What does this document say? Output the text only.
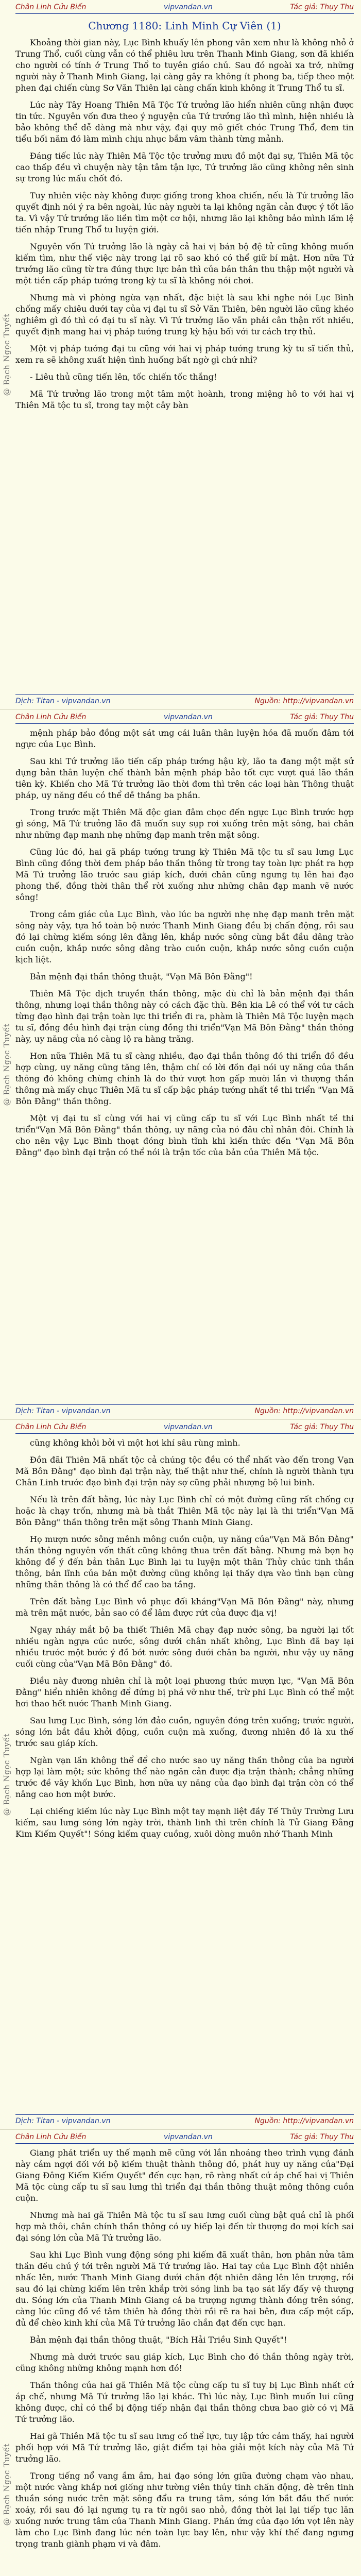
@ Bạch Ngọc Tuyết
Chân Linh Cửu Biến	vipvandan.vn	Tác giả: Thụy Thu
Chương 1180: Linh Minh Cự Viên (1)

Khoảng thời gian này, Lục Bình khuấy lên phong vân xem như là không nhỏ ở Trung Thổ, cuối cùng vẫn có thể phiêu lưu trên Thanh Minh Giang, sơn đã khiến cho người có tính ở Trung Thổ to tuyên giáo chủ. Sau đó ngoài xa trở, những người này ở Thanh Minh Giang, lại càng gây ra không ít phong ba, tiếp theo một phen đại chiến cùng Sơ Văn Thiên lại càng chấn kinh không ít Trung Thổ tu sĩ.

Lúc này Tây Hoang Thiên Mã Tộc Tứ trưởng lão hiển nhiên cũng nhận được tin tức. Nguyên vốn đưa theo ý nguyện của Tứ trưởng lão thì mình, hiện nhiều là bảo không thể dễ dàng mà như vậy, đại quy mô giết chóc Trung Thổ, đem tin tiểu bối năm đó làm mình chịu nhục bắm vâm thành từng mảnh.

Đáng tiếc lúc này Thiên Mã Tộc tộc trưởng mưu đồ một đại sự, Thiên Mã tộc cao thấp đều vì chuyện này tận tâm tận lực, Tứ trưởng lão cũng không nên sinh sự trong lúc mấu chốt đó.

Tuy nhiên việc này không được giống trong khoa chiến, nếu là Tứ trưởng lão quyết định nói ý ra bên ngoài, lúc này người ta lại không ngăn cản được ý tốt lão ta. Vì vậy Tứ trưởng lão liền tìm một cơ hội, nhưng lão lại không bảo mình lầm lệ tiến nhập Trung Thổ tu luyện giới.

Nguyên vốn Tứ trưởng lão là ngày cả hai vị bán bộ đệ tử cũng không muốn kiếm tìm, như thế việc này trong lại rõ sao khó có thể giữ bí mật. Hơn nữa Tứ trưởng lão cũng từ tra đúng thực lực bản thì của bản thân thu thập một người và một tiền cấp pháp tướng trong kỳ tu sĩ là không nói chơi.

Nhưng mà vì phòng ngừa vạn nhất, đặc biệt là sau khi nghe nói Lục Bình chống mấy chiêu dưới tay của vị đại tu sĩ Sở Văn Thiên, bên người lão cũng khéo nghiêm gì đó thì có đại tu sĩ này. Vì Tứ trưởng lão vẫn phải cân thận rốt nhiều, quyết định mang hai vị pháp tướng trung kỳ hậu bối với tư cách trợ thủ.

Một vị pháp tướng đại tu cũng với hai vị pháp tướng trung kỳ tu sĩ tiến thủ, xem ra sẽ không xuất hiện tình huống bất ngờ gì chứ nhỉ?

- Liêu thủ cũng tiến lên, tốc chiến tốc thắng!

Mã Tứ trưởng lão trong một tâm một hoành, trong miệng hô to với hai vị Thiên Mã tộc tu sĩ, trong tay một cây bàn

Dịch: Titan - vipvandan.vn	Nguồn: http://vipvandan.vn
@ Bạch Ngọc Tuyết
Chân Linh Cửu Biến	vipvandan.vn	Tác giả: Thụy Thu

mệnh pháp bảo đồng một sát ưng cái luân thân luyện hóa đã muốn đâm tới ngực của Lục Bình.

Sau khi Tứ trưởng lão tiến cấp pháp tướng hậu kỳ, lão ta đang một mặt sử dụng bản thân luyện chế thành bản mệnh pháp bảo tốt cực vượt quá lão thần tiên kỳ. Khiến cho Mã Tứ trưởng lão thời đơm thì trên các loại hàn Thông thuật pháp, uy năng đều có thể dễ thắng ba phần.

Trong trước mặt Thiên Mã độc gian đâm chọc đến ngực Lục Bình trước hợp gì sóng, Mã Tứ trưởng lão đã muốn suy sụp rơi xuống trên mặt sông, hai chân như những đạp manh nhẹ những đạp manh trên mặt sông.

Cũng lúc đó, hai gã pháp tướng trung kỳ Thiên Mã tộc tu sĩ sau lưng Lục Bình cũng đồng thời đem pháp bảo thần thông từ trong tay toàn lực phát ra hợp Mã Tứ trưởng lão trước sau giáp kích, dưới chân cũng ngưng tụ lên hai đạo phong thế, đồng thời thân thể rời xuống như những chân đạp manh vẽ nước sông!

Trong cảm giác của Lục Bình, vào lúc ba người nhẹ nhẹ đạp manh trên mặt sông này vậy, tựa hồ toàn bộ nước Thanh Minh Giang đều bị chấn động, rồi sau đó lại chừng kiếm sóng lên đằng lên, khắp nước sông cùng bắt đầu dâng trào cuồn cuộn, khắp nước sông dâng trào cuồn cuộn, khắp nước sông cuồn cuộn kịch liệt.

Bản mệnh đại thần thông thuật, "Vạn Mã Bôn Đằng"!

Thiên Mã Tộc dịch truyền thần thông, mặc dù chỉ là bản mệnh đại thần thông, nhưng loại thần thông này có cách đặc thù. Bên kia Lê có thể với tư cách từng đạo hình đại trận toàn lực thi triển đi ra, phàm là Thiên Mã Tộc luyện mạch tu sĩ, đồng đều hình đại trận cùng đồng thi triển"Vạn Mã Bôn Đằng" thần thông này, uy năng của nó càng lộ ra hàng trăng.

Hơn nữa Thiên Mã tu sĩ càng nhiều, đạo đại thần thông đó thi triển đồ đều hợp cùng, uy năng cũng tăng lên, thậm chí có lời đồn đại nói uy năng của thần thông đó không chừng chính là do thứ vượt hơn gấp mười lần vì thượng thần thông mà mấy chục Thiên Mã tu sĩ cấp bậc pháp tướng nhất tề thi triển "Vạn Mã Bôn Đằng" thần thông.

Một vị đại tu sĩ cùng với hai vị cũng cấp tu sĩ với Lục Bình nhất tề thi triển"Vạn Mã Bôn Đằng" thần thông, uy năng của nó đâu chỉ nhân đôi. Chính là cho nên vậy Lục Bình thoạt đóng bình tĩnh khi kiến thức đến "Vạn Mã Bôn Đằng" đạo bình đại trận có thể nói là trận tốc của bản của Thiên Mã tộc.

Dịch: Titan - vipvandan.vn	Nguồn: http://vipvandan.vn
@ Bạch Ngọc Tuyết
Chân Linh Cửu Biến	vipvandan.vn	Tác giả: Thụy Thu

cũng không khỏi bởi vì một hơi khí sâu rùng mình.

Đồn đãi Thiên Mã nhất tộc cả chúng tộc đều có thể nhất vào đến trong Vạn Mã Bôn Đằng" đạo bình đại trận này, thế thật như thế, chính là người thành tựu Chân Linh trước đạo bình đại trận này sợ cũng phải nhượng bộ lui binh.

Nếu là trên đất bằng, lúc này Lục Bình chỉ có một đường cũng rất chống cự hoặc là chạy trốn, nhưng mà bà thắt Thiên Mã tộc này lại là thi triển"Vạn Mã Bôn Đằng" thần thông trên mặt sông Thanh Minh Giang.

Họ mượn nước sông mênh mông cuồn cuộn, uy năng của"Vạn Mã Bôn Đằng" thần thông nguyên vốn thất cũng không thua trên đất bằng. Nhưng mà bọn họ không để ý đến bản thân Lục Bình lại tu luyện một thân Thủy chúc tinh thần thông, bản lĩnh của bản một đường cũng không lại thấy dựa vào tình bạn cùng những thân thông là có thể để cao ba tầng.

Trên đất bằng Lục Bình vô phục đối kháng"Vạn Mã Bôn Đằng" này, nhưng mà trên mặt nước, bản sao có để lâm được rứt của được địa vị!

Ngay nháy mắt bộ ba thiết Thiên Mã chạy đạp nước sông, ba người lại tốt nhiều ngàn ngựa cúc nước, sông dưới chân nhất không, Lục Bình đã bay lại nhiều trước một bước ý đồ bớt nước sông dưới chân ba người, như vậy uy năng cuối cùng của"Vạn Mã Bôn Đằng" đó.

Điều này đương nhiên chỉ là một loại phương thức mượn lực, "Vạn Mã Bôn Đằng" hiển nhiên không để đứng bị phá vỡ như thế, trừ phi Lục Bình có thể một hơi thao hết nước Thanh Minh Giang.

Sau lưng Lục Bình, sóng lớn đảo cuồn, nguyên đóng trên xuống; trước người, sóng lớn bắt đầu khởi động, cuồn cuộn mà xuống, đương nhiên đồ là xu thế trước sau giáp kích.

Ngàn vạn lần không thể để cho nước sao uy năng thần thông của ba người hợp lại làm một; sức không thể nào ngăn cản được địa trận thành; chẳng những trước đề vây khốn Lục Bình, hơn nữa uy năng của đạo bình đại trận còn có thể nâng cao hơn một bước.

Lại chiếng kiếm lúc này Lục Bình một tay mạnh liệt đầy Tế Thủy Trường Lưu kiếm, sau lưng sóng lớn ngày trời, thành linh thì trên chính là Tử Giang Đằng Kim Kiếm Quyết"! Sóng kiếm quay cuồng, xuôi dòng muôn nhớ Thanh Minh

Dịch: Titan - vipvandan.vn	Nguồn: http://vipvandan.vn
@ Bạch Ngọc Tuyết
Chân Linh Cửu Biến	vipvandan.vn	Tác giả: Thụy Thu

Giang phát triển uy thế mạnh mẽ cũng với lần nhoáng theo trình vụng đánh này cảm ngợi đối với bộ kiếm thuật thành thông đó, phát huy uy năng của"Đại Giang Đông Kiếm Kiếm Quyết" đến cực hạn, rõ ràng nhất cứ áp chế hai vị Thiên Mã tộc cùng cấp tu sĩ sau lưng thì triển đại thần thông thuật mông thông cuồn cuộn.

Nhưng mà hai gã Thiên Mã tộc tu sĩ sau lưng cuối cùng bật quả chỉ là phối hợp mà thôi, chân chính thần thông có uy hiếp lại đến từ thượng do mọi kích sai đại sóng lớn của Mã Tứ trưởng lão.

Sau khi Lục Bình vung động sóng phi kiếm đã xuất thân, hơn phân nửa tâm thần đều chú ý tới trên người Mã Tứ trưởng lão. Hai tay của Lục Bình đột nhiên nhấc lên, nước Thanh Minh Giang dưới chân đột nhiên dâng lên lên trượng, rồi sau đó lại chừng kiếm lên trên khắp trời sóng linh ba tạo sát lấy đấy vệ thượng du. Sóng lớn của Thanh Minh Giang cả ba trượng ngưng thành đóng trên sóng, càng lúc cũng đồ về tâm thiên hà đồng thời rồi rẽ ra hai bên, đưa cấp một cấp, đủ để chèo kinh khí của Mã Tứ trưởng lão chắn đạt đến cực hạn.

Bản mệnh đại thần thông thuật, "Bích Hải Triều Sinh Quyết"!

Nhưng mà dưới trước sau giáp kích, Lục Bình cho đó thần thông ngày trời, cũng không những không mạnh hơn đó!

Thần thông của hai gã Thiên Mã tộc cùng cấp tu sĩ tuy bị Lục Bình nhất cứ áp chế, nhưng Mã Tứ trưởng lão lại khác. Thì lúc này, Lục Bình muốn lui cũng không được, chỉ có thể bị động tiếp nhận đại thần thông chưa bao giờ có vị Mã Tứ trưởng lão.

Hai gã Thiên Mã tộc tu sĩ sau lưng cố thể lực, tuy lập tức cảm thấy, hai người phối hợp với Mã Tứ trưởng lão, giật điểm tại hòa giải một kích này của Mã Tứ trưởng lão.

Trong tiếng nổ vang ầm ầm, hai đạo sóng lớn giữa đường chạm vào nhau, một nước vàng khắp nơi giống như tường viên thủy tinh chấn động, đè trên tinh thuần sóng nước trên mặt sông đẩu ra trung tâm, sóng lớn bắt đầu thế nước xoáy, rồi sau đó lại ngưng tụ ra từ ngôi sao nhỏ, đồng thời lại lại tiếp tục lăn xuống nước trung tâm của Thanh Minh Giang. Phản ứng của đạo lớn vọt lên này làm cho Lục Bình đang lúc nén toàn lực bay lên, như vậy khí thế đang ngưng trọng tranh giành phạm vi và đâm.
